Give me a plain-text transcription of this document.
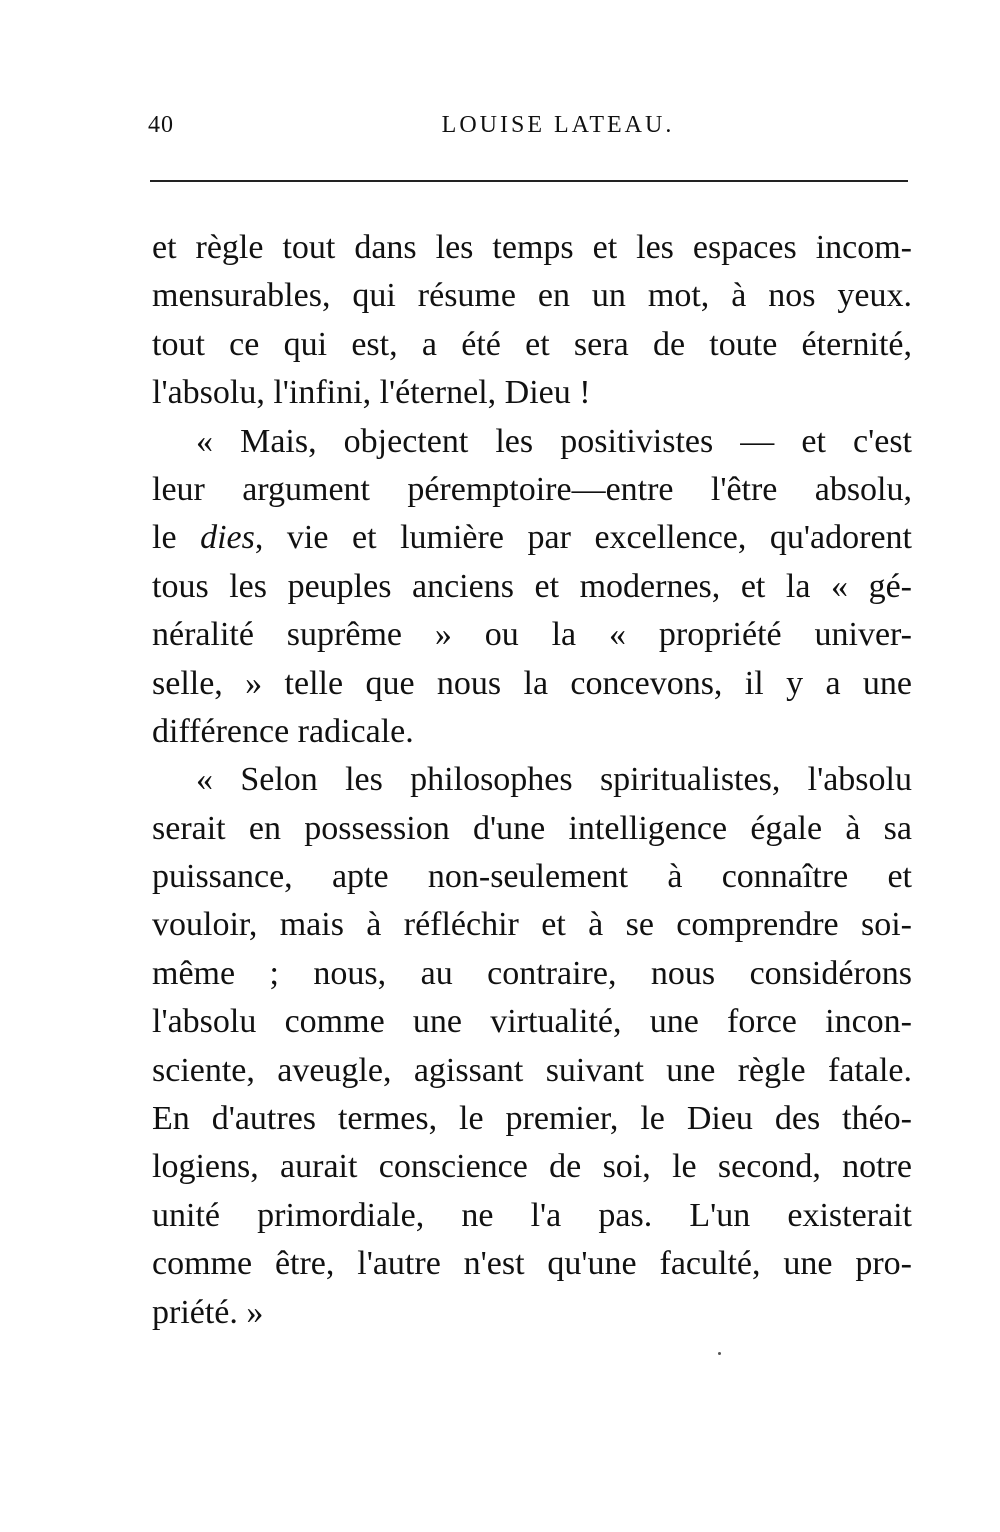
40	LOUISE LATEAU.
et règle tout dans les temps et les espaces incom-
mensurables, qui résume en un mot, à nos yeux.
tout ce qui est, a été et sera de toute éternité,
l'absolu, l'infini, l'éternel, Dieu !
« Mais, objectent les positivistes — et c'est
leur argument péremptoire—entre l'être absolu,
le dies, vie et lumière par excellence, qu'adorent
tous les peuples anciens et modernes, et la « gé-
néralité suprême » ou la « propriété univer-
selle, » telle que nous la concevons, il y a une
différence radicale.
« Selon les philosophes spiritualistes, l'absolu
serait en possession d'une intelligence égale à sa
puissance, apte non-seulement à connaître et
vouloir, mais à réfléchir et à se comprendre soi-
même ; nous, au contraire, nous considérons
l'absolu comme une virtualité, une force incon-
sciente, aveugle, agissant suivant une règle fatale.
En d'autres termes, le premier, le Dieu des théo-
logiens, aurait conscience de soi, le second, notre
unité primordiale, ne l'a pas. L'un existerait
comme être, l'autre n'est qu'une faculté, une pro-
priété. »
